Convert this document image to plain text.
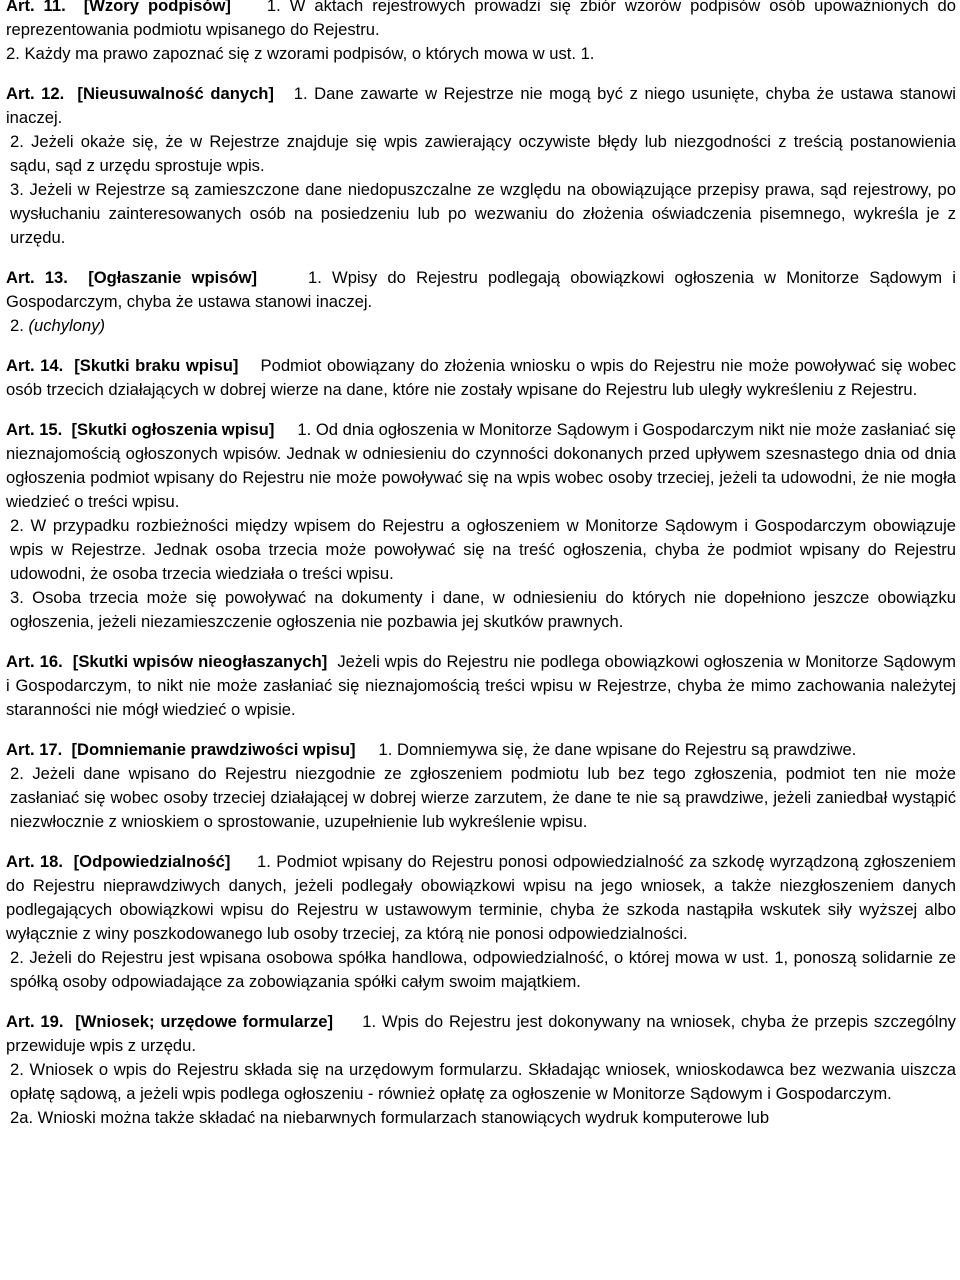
Art. 11. [Wzory podpisów] 1. W aktach rejestrowych prowadzi się zbiór wzorów podpisów osób upoważnionych do reprezentowania podmiotu wpisanego do Rejestru.

2. Każdy ma prawo zapoznać się z wzorami podpisów, o których mowa w ust. 1.

Art. 12. [Nieusuwalność danych] 1. Dane zawarte w Rejestrze nie mogą być z niego usunięte, chyba że ustawa stanowi inaczej.

2. Jeżeli okaże się, że w Rejestrze znajduje się wpis zawierający oczywiste błędy lub niezgodności z treścią postanowienia sądu, sąd z urzędu sprostuje wpis.

3. Jeżeli w Rejestrze są zamieszczone dane niedopuszczalne ze względu na obowiązujące przepisy prawa, sąd rejestrowy, po wysłuchaniu zainteresowanych osób na posiedzeniu lub po wezwaniu do złożenia oświadczenia pisemnego, wykreśla je z urzędu.

Art. 13. [Ogłaszanie wpisów]	1. Wpisy do Rejestru podlegają obowiązkowi ogłoszenia w Monitorze Sądowym i Gospodarczym, chyba że ustawa stanowi inaczej.

2. (uchylony)

Art. 14. [Skutki braku wpisu] Podmiot obowiązany do złożenia wniosku o wpis do Rejestru nie może powoływać się wobec osób trzecich działających w dobrej wierze na dane, które nie zostały wpisane do Rejestru lub uległy wykreśleniu z Rejestru.

Art. 15. [Skutki ogłoszenia wpisu] 1. Od dnia ogłoszenia w Monitorze Sądowym i Gospodarczym nikt nie może zasłaniać się nieznajomością ogłoszonych wpisów. Jednak w odniesieniu do czynności dokonanych przed upływem szesnastego dnia od dnia ogłoszenia podmiot wpisany do Rejestru nie może powoływać się na wpis wobec osoby trzeciej, jeżeli ta udowodni, że nie mogła wiedzieć o treści wpisu.

2. W przypadku rozbieżności między wpisem do Rejestru a ogłoszeniem w Monitorze Sądowym i Gospodarczym obowiązuje wpis w Rejestrze. Jednak osoba trzecia może powoływać się na treść ogłoszenia, chyba że podmiot wpisany do Rejestru udowodni, że osoba trzecia wiedziała o treści wpisu.

3. Osoba trzecia może się powoływać na dokumenty i dane, w odniesieniu do których nie dopełniono jeszcze obowiązku ogłoszenia, jeżeli niezamieszczenie ogłoszenia nie pozbawia jej skutków prawnych.

Art. 16. [Skutki wpisów nieogłaszanych] Jeżeli wpis do Rejestru nie podlega obowiązkowi ogłoszenia w Monitorze Sądowym i Gospodarczym, to nikt nie może zasłaniać się nieznajomością treści wpisu w Rejestrze, chyba że mimo zachowania należytej staranności nie mógł wiedzieć o wpisie.

Art. 17. [Domniemanie prawdziwości wpisu] 1. Domniemywa się, że dane wpisane do Rejestru są prawdziwe.

2. Jeżeli dane wpisano do Rejestru niezgodnie ze zgłoszeniem podmiotu lub bez tego zgłoszenia, podmiot ten nie może zasłaniać się wobec osoby trzeciej działającej w dobrej wierze zarzutem, że dane te nie są prawdziwe, jeżeli zaniedbał wystąpić niezwłocznie z wnioskiem o sprostowanie, uzupełnienie lub wykreślenie wpisu.

Art. 18. [Odpowiedzialność] 1. Podmiot wpisany do Rejestru ponosi odpowiedzialność za szkodę wyrządzoną zgłoszeniem do Rejestru nieprawdziwych danych, jeżeli podlegały obowiązkowi wpisu na jego wniosek, a także niezgłoszeniem danych podlegających obowiązkowi wpisu do Rejestru w ustawowym terminie, chyba że szkoda nastąpiła wskutek siły wyższej albo wyłącznie z winy poszkodowanego lub osoby trzeciej, za którą nie ponosi odpowiedzialności.

2. Jeżeli do Rejestru jest wpisana osobowa spółka handlowa, odpowiedzialność, o której mowa w ust. 1, ponoszą solidarnie ze spółką osoby odpowiadające za zobowiązania spółki całym swoim majątkiem.

Art. 19. [Wniosek; urzędowe formularze] 1. Wpis do Rejestru jest dokonywany na wniosek, chyba że przepis szczególny przewiduje wpis z urzędu.

2. Wniosek o wpis do Rejestru składa się na urzędowym formularzu. Składając wniosek, wnioskodawca bez wezwania uiszcza opłatę sądową, a jeżeli wpis podlega ogłoszeniu - również opłatę za ogłoszenie w Monitorze Sądowym i Gospodarczym.

2a. Wnioski można także składać na niebarwnych formularzach stanowiących wydruk komputerowe lub
